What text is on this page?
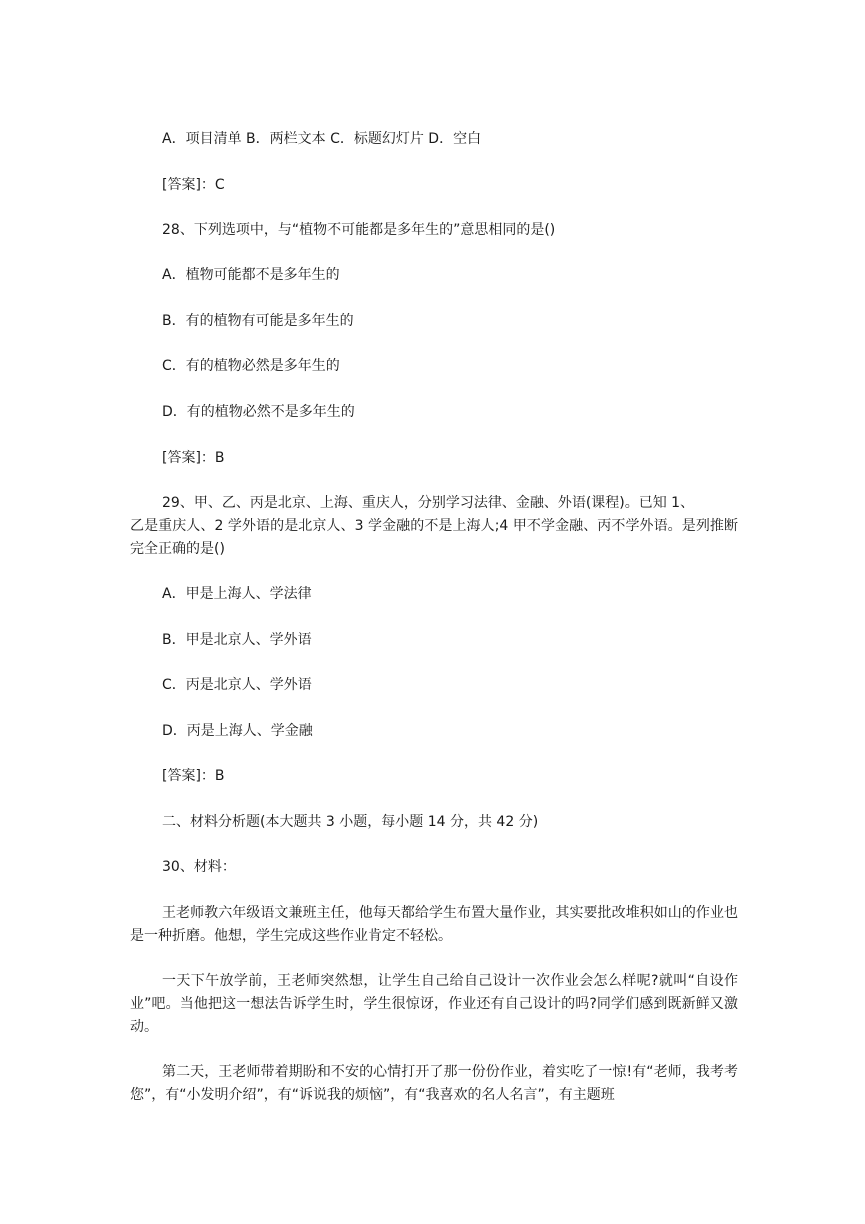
A．项目清单 B．两栏文本 C．标题幻灯片 D．空白
[答案]：C
28、下列选项中，与“植物不可能都是多年生的”意思相同的是()
A．植物可能都不是多年生的
B．有的植物有可能是多年生的
C．有的植物必然是多年生的
D．有的植物必然不是多年生的
[答案]：B
29、甲、乙、丙是北京、上海、重庆人，分别学习法律、金融、外语(课程)。已知 1、
乙是重庆人、2 学外语的是北京人、3 学金融的不是上海人;4 甲不学金融、丙不学外语。是列推断完全正确的是()
A．甲是上海人、学法律
B．甲是北京人、学外语
C．丙是北京人、学外语
D．丙是上海人、学金融
[答案]：B
二、材料分析题(本大题共 3 小题，每小题 14 分，共 42 分)
30、材料：
王老师教六年级语文兼班主任，他每天都给学生布置大量作业，其实要批改堆积如山的作业也是一种折磨。他想，学生完成这些作业肯定不轻松。
一天下午放学前，王老师突然想，让学生自己给自己设计一次作业会怎么样呢?就叫“自设作业”吧。当他把这一想法告诉学生时，学生很惊讶，作业还有自己设计的吗?同学们感到既新鲜又激动。
第二天，王老师带着期盼和不安的心情打开了那一份份作业，着实吃了一惊!有“老师，我考考您”，有“小发明介绍”，有“诉说我的烦恼”，有“我喜欢的名人名言”，有主题班
